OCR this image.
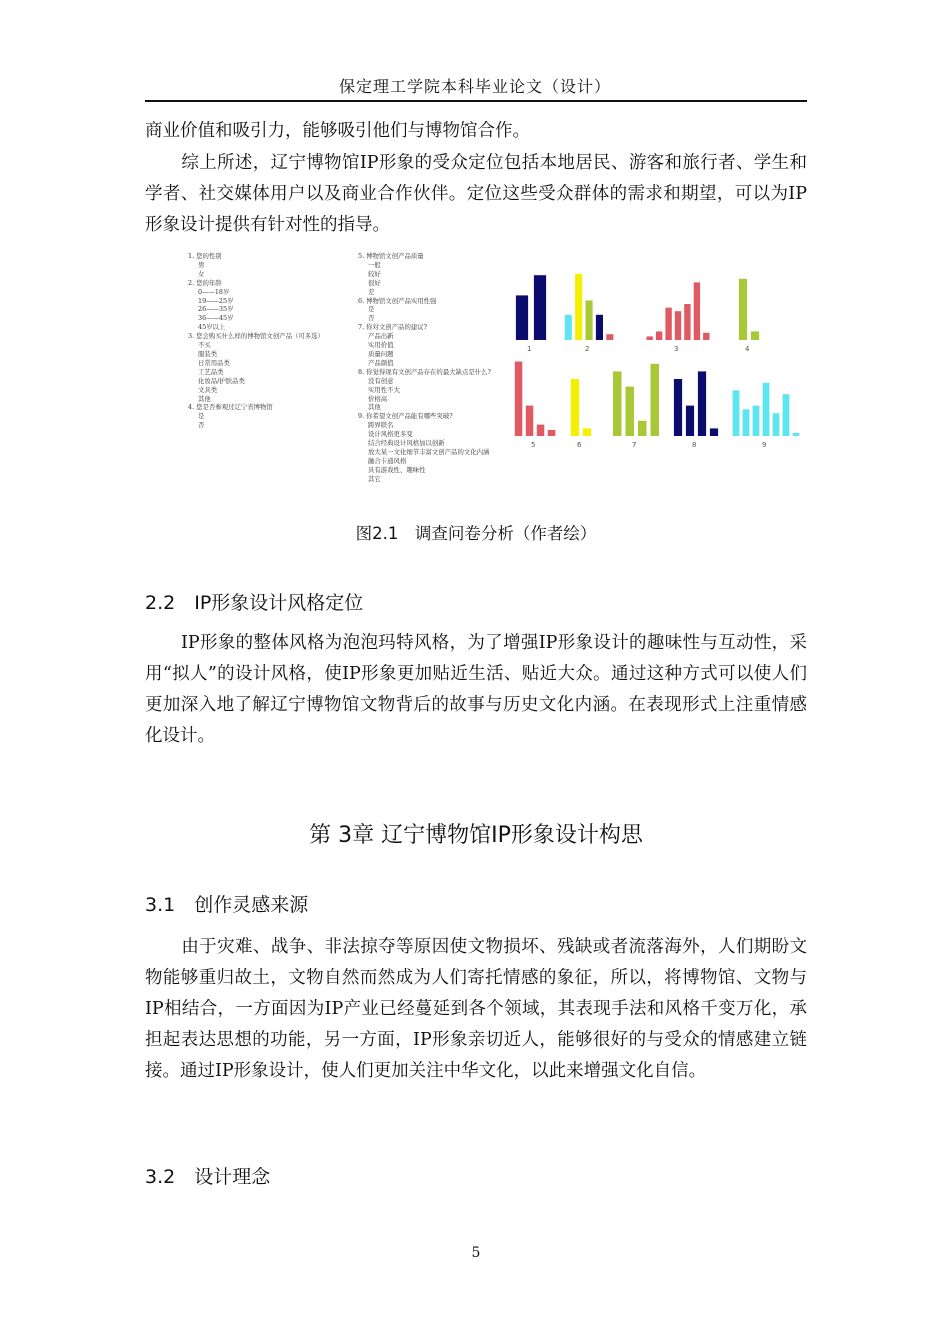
保定理工学院本科毕业论文（设计）
商业价值和吸引力，能够吸引他们与博物馆合作。
综上所述，辽宁博物馆IP形象的受众定位包括本地居民、游客和旅行者、学生和学者、社交媒体用户以及商业合作伙伴。定位这些受众群体的需求和期望，可以为IP形象设计提供有针对性的指导。
1. 您的性别
男
女
2. 您的年龄
0——18岁
19——25岁
26——35岁
36——45岁
45岁以上
3. 您会购买什么样的博物馆文创产品（可多选）
不买
服装类
日常用品类
工艺品类
化妆品/护肤品类
文具类
其他
4. 您是否参观过辽宁省博物馆
是
否
5. 博物馆文创产品质量
一般
较好
很好
差
6. 博物馆文创产品实用性强
是
否
7. 你对文创产品的建议?
产品出新
实用价值
质量问题
产品颜值
8. 你觉得现有文创产品存在的最大缺点是什么?
没有创意
实用性不大
价格高
其他
9. 你希望文创产品能有哪些突破?
跨界联名
设计风格更多变
结合经典设计风格加以创新
放大某一文化细节丰富文创产品的文化内涵
融合卡通风格
具有游戏性、趣味性
其它
1	2	3	4
5	6	7	8	9
图2.1　调查问卷分析（作者绘）
2.2　IP形象设计风格定位
IP形象的整体风格为泡泡玛特风格，为了增强IP形象设计的趣味性与互动性，采用“拟人”的设计风格，使IP形象更加贴近生活、贴近大众。通过这种方式可以使人们更加深入地了解辽宁博物馆文物背后的故事与历史文化内涵。在表现形式上注重情感化设计。
第 3章 辽宁博物馆IP形象设计构思
3.1　创作灵感来源
由于灾难、战争、非法掠夺等原因使文物损坏、残缺或者流落海外，人们期盼文物能够重归故土，文物自然而然成为人们寄托情感的象征，所以，将博物馆、文物与IP相结合，一方面因为IP产业已经蔓延到各个领域，其表现手法和风格千变万化，承担起表达思想的功能，另一方面，IP形象亲切近人，能够很好的与受众的情感建立链接。通过IP形象设计，使人们更加关注中华文化，以此来增强文化自信。
3.2　设计理念
5
